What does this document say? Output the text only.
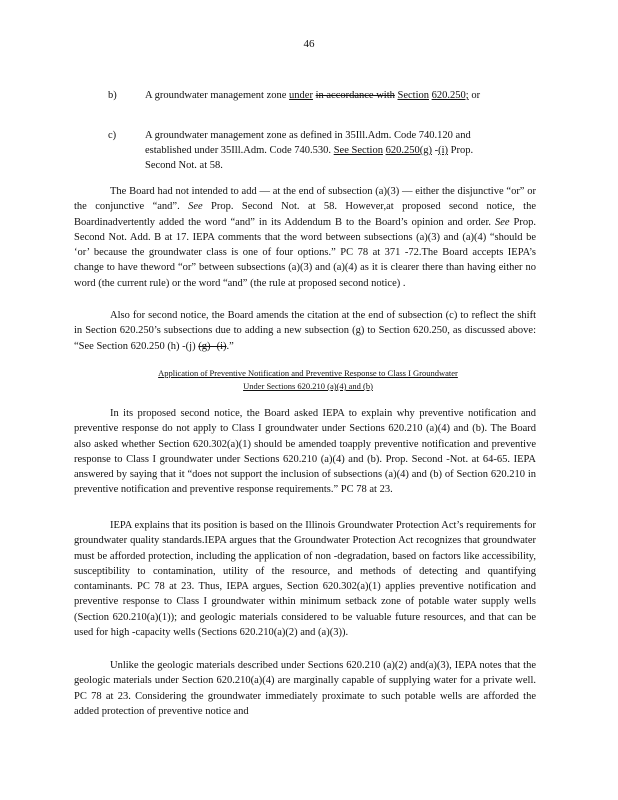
46
b)	A groundwater management zone under in accordance with Section 620.250; or
c)	A groundwater management zone as defined in 35Ill.Adm. Code 740.120 and established under 35Ill.Adm. Code 740.530. See Section 620.250(g) -(i) Prop. Second Not. at 58.
The Board had not intended to add — at the end of subsection (a)(3) — either the disjunctive “or” or the conjunctive “and”. See Prop. Second Not. at 58. However,at proposed second notice, the Boardinadvertently added the word “and” in its Addendum B to the Board’s opinion and order. See Prop. Second Not. Add. B at 17. IEPA comments that the word between subsections (a)(3) and (a)(4) “should be ‘or’ because the groundwater class is one of four options.” PC 78 at 371 -72.The Board accepts IEPA’s change to have theword “or” between subsections (a)(3) and (a)(4) as it is clearer there than having either no word (the current rule) or the word “and” (the rule at proposed second notice) .
Also for second notice, the Board amends the citation at the end of subsection (c) to reflect the shift in Section 620.250’s subsections due to adding a new subsection (g) to Section 620.250, as discussed above: “See Section 620.250 (h) -(j) (g) -(i).”
Application of Preventive Notification and Preventive Response to Class I Groundwater
Under Sections 620.210 (a)(4) and (b)
In its proposed second notice, the Board asked IEPA to explain why preventive notification and preventive response do not apply to Class I groundwater under Sections 620.210 (a)(4) and (b). The Board also asked whether Section 620.302(a)(1) should be amended toapply preventive notification and preventive response to Class I groundwater under Sections 620.210 (a)(4) and (b). Prop. Second -Not. at 64-65. IEPA answered by saying that it “does not support the inclusion of subsections (a)(4) and (b) of Section 620.210 in preventive notification and preventive response requirements.” PC 78 at 23.
IEPA explains that its position is based on the Illinois Groundwater Protection Act’s requirements for groundwater quality standards.IEPA argues that the Groundwater Protection Act recognizes that groundwater must be afforded protection, including the application of non -degradation, based on factors like accessibility, susceptibility to contamination, utility of the resource, and methods of detecting and quantifying contaminants. PC 78 at 23. Thus, IEPA argues, Section 620.302(a)(1) applies preventive notification and preventive response to Class I groundwater within minimum setback zone of potable water supply wells (Section 620.210(a)(1)); and geologic materials considered to be valuable future resources, and that can be used for high -capacity wells (Sections 620.210(a)(2) and (a)(3)).
Unlike the geologic materials described under Sections 620.210 (a)(2) and(a)(3), IEPA notes that the geologic materials under Section 620.210(a)(4) are marginally capable of supplying water for a private well. PC 78 at 23. Considering the groundwater immediately proximate to such potable wells are afforded the added protection of preventive notice and
